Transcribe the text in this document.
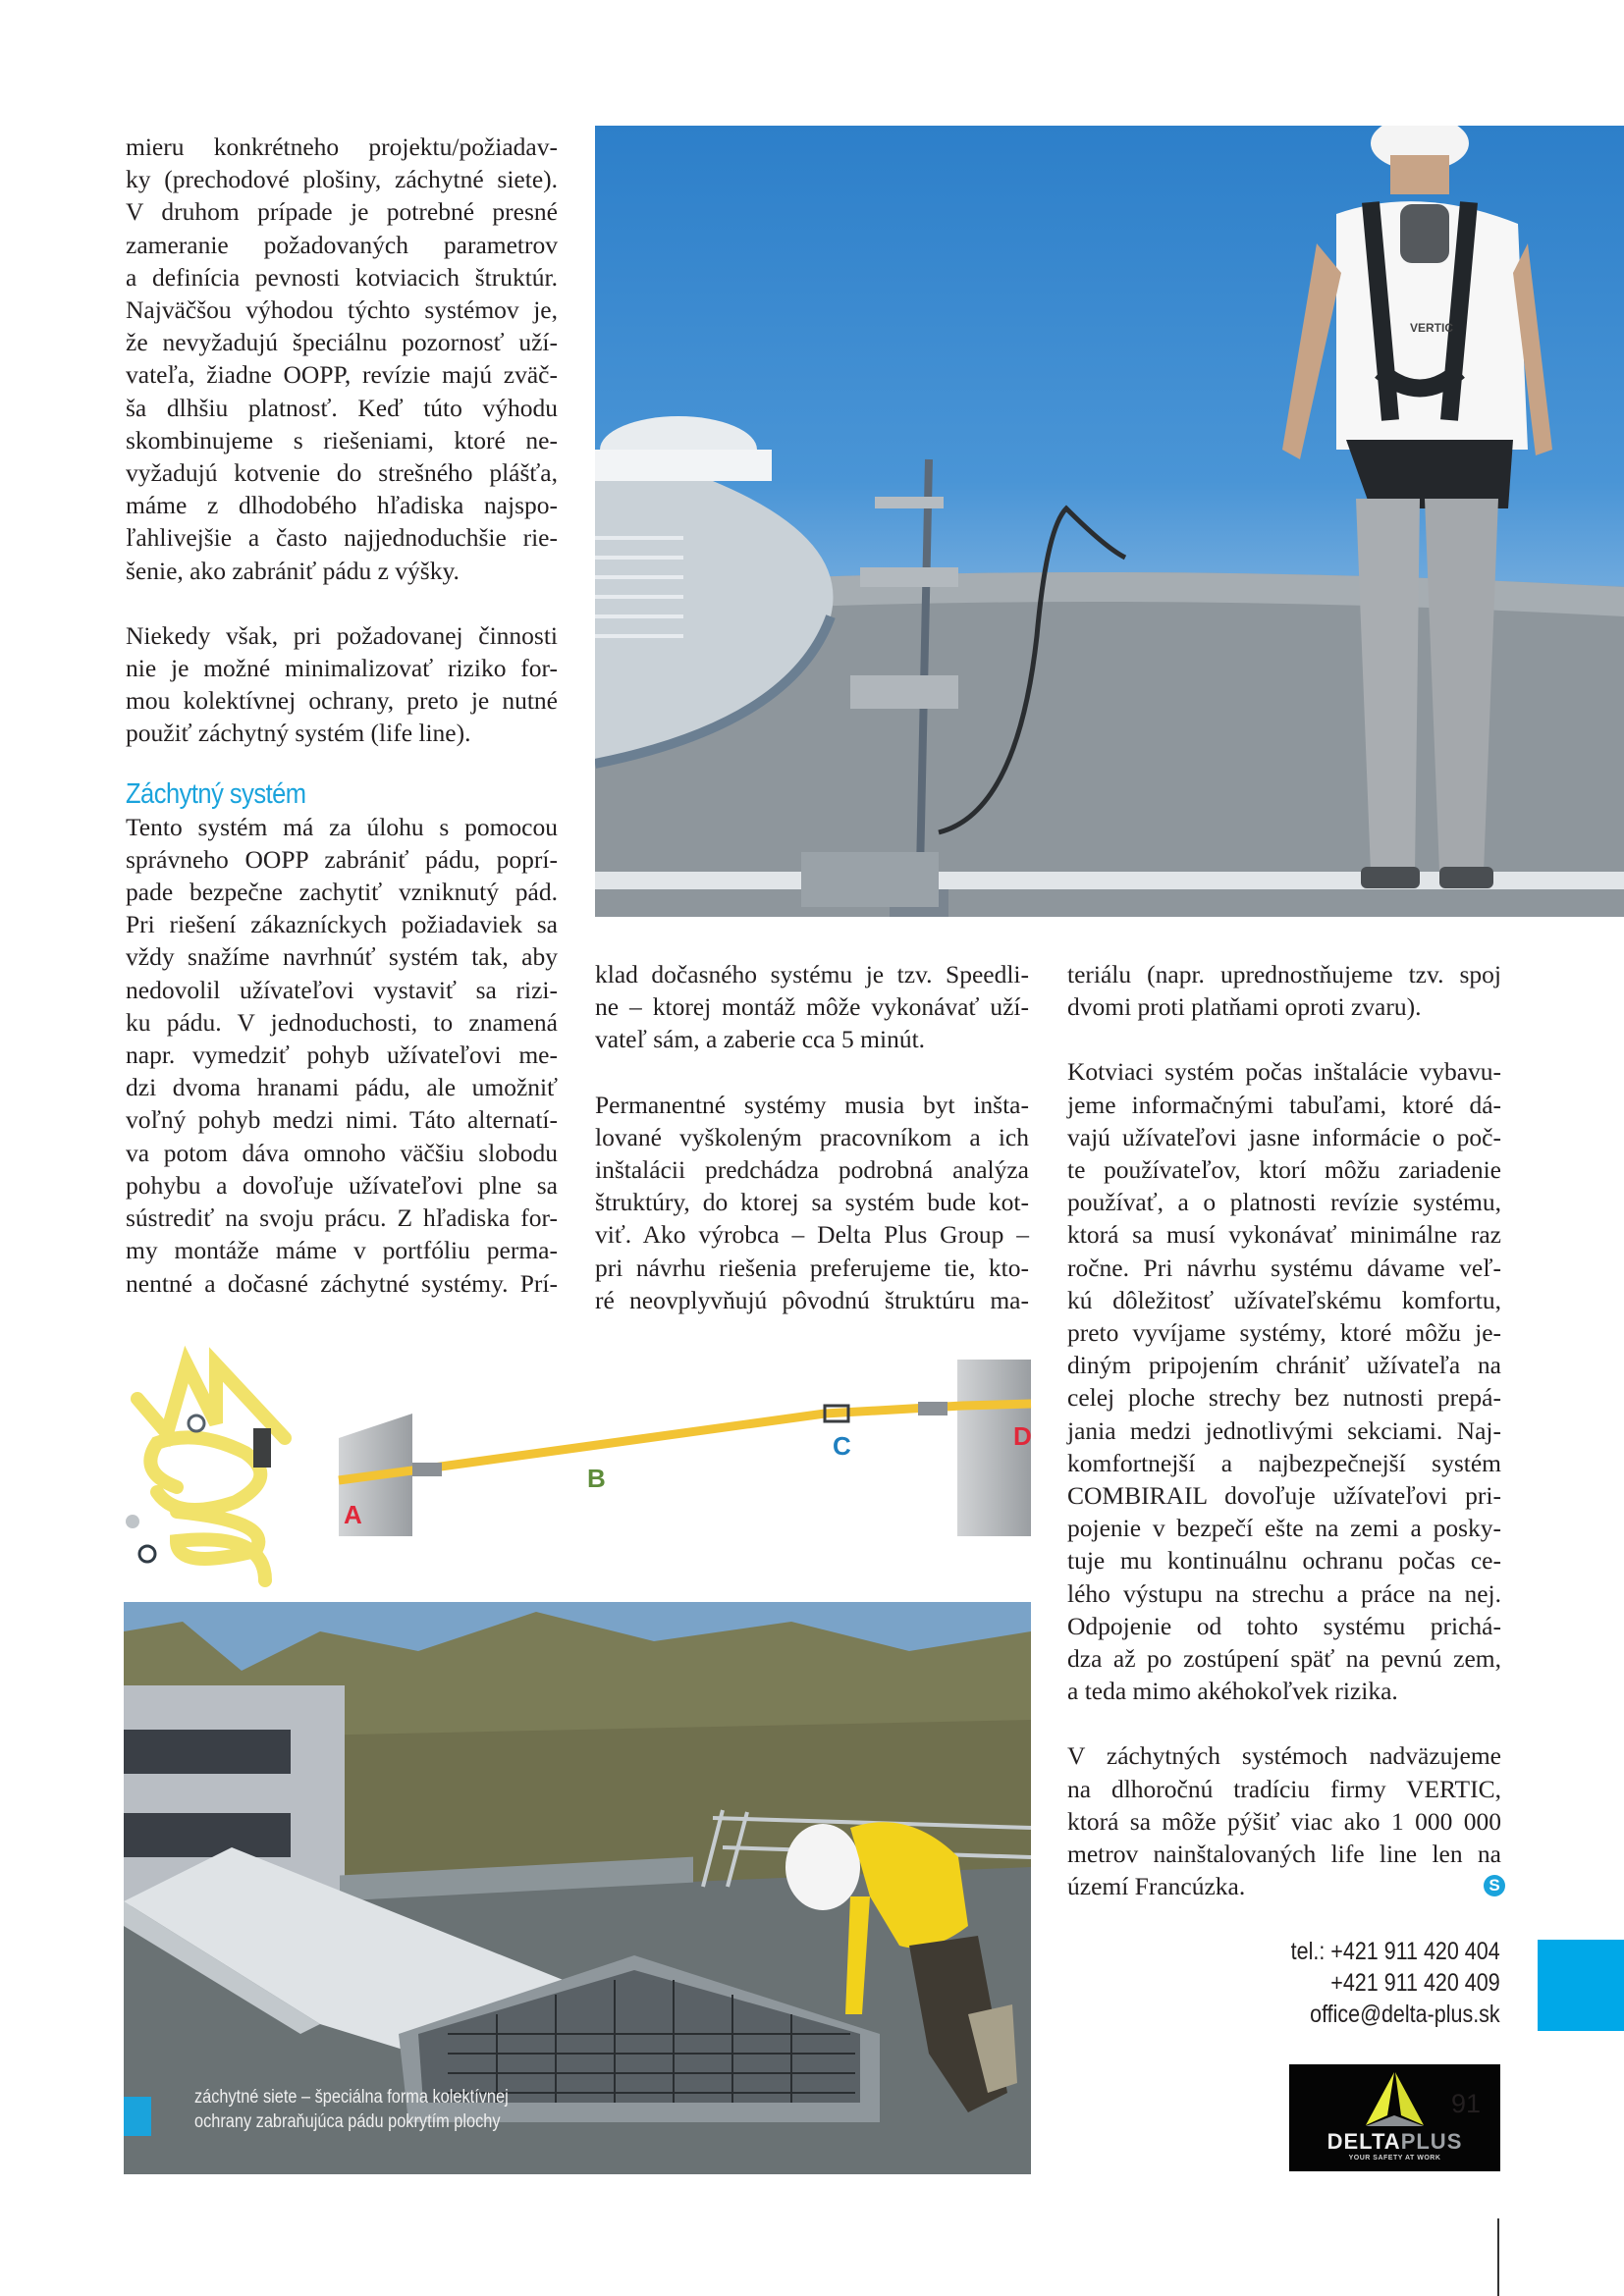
mieru konkrétneho projektu/požiadav-
ky (prechodové plošiny, záchytné siete).
V druhom prípade je potrebné presné
zameranie požadovaných parametrov
a definícia pevnosti kotviacich štruktúr.
Najväčšou výhodou týchto systémov je,
že nevyžadujú špeciálnu pozornosť uží-
vateľa, žiadne OOPP, revízie majú zväč-
ša dlhšiu platnosť. Keď túto výhodu
skombinujeme s riešeniami, ktoré ne-
vyžadujú kotvenie do strešného plášťa,
máme z dlhodobého hľadiska najspo-
ľahlivejšie a často najjednoduchšie rie-
šenie, ako zabrániť pádu z výšky.

Niekedy však, pri požadovanej činnosti
nie je možné minimalizovať riziko for-
mou kolektívnej ochrany, preto je nutné
použiť záchytný systém (life line).

Záchytný systém

Tento systém má za úlohu s pomocou
správneho OOPP zabrániť pádu, poprí-
pade bezpečne zachytiť vzniknutý pád.
Pri riešení zákazníckych požiadaviek sa
vždy snažíme navrhnúť systém tak, aby
nedovolil užívateľovi vystaviť sa rizi-
ku pádu. V jednoduchosti, to znamená
napr. vymedziť pohyb užívateľovi me-
dzi dvoma hranami pádu, ale umožniť
voľný pohyb medzi nimi. Táto alternatí-
va potom dáva omnoho väčšiu slobodu
pohybu a dovoľuje užívateľovi plne sa
sústrediť na svoju prácu. Z hľadiska for-
my montáže máme v portfóliu perma-
nentné a dočasné záchytné systémy. Prí-

klad dočasného systému je tzv. Speedli-
ne – ktorej montáž môže vykonávať uží-
vateľ sám, a zaberie cca 5 minút.

Permanentné systémy musia byt inšta-
lované vyškoleným pracovníkom a ich
inštalácii predchádza podrobná analýza
štruktúry, do ktorej sa systém bude kot-
viť. Ako výrobca – Delta Plus Group –
pri návrhu riešenia preferujeme tie, kto-
ré neovplyvňujú pôvodnú štruktúru ma-

teriálu (napr. uprednostňujeme tzv. spoj
dvomi proti platňami oproti zvaru).

Kotviaci systém počas inštalácie vybavu-
jeme informačnými tabuľami, ktoré dá-
vajú užívateľovi jasne informácie o poč-
te používateľov, ktorí môžu zariadenie
používať, a o platnosti revízie systému,
ktorá sa musí vykonávať minimálne raz
ročne. Pri návrhu systému dávame veľ-
kú dôležitosť užívateľskému komfortu,
preto vyvíjame systémy, ktoré môžu je-
diným pripojením chrániť užívateľa na
celej ploche strechy bez nutnosti prepá-
jania medzi jednotlivými sekciami. Naj-
komfortnejší a najbezpečnejší systém
COMBIRAIL dovoľuje užívateľovi pri-
pojenie v bezpečí ešte na zemi a posky-
tuje mu kontinuálnu ochranu počas ce-
lého výstupu na strechu a práce na nej.
Odpojenie od tohto systému prichá-
dza až po zostúpení späť na pevnú zem,
a teda mimo akéhokoľvek rizika.

V záchytných systémoch nadväzujeme
na dlhoročnú tradíciu firmy VERTIC,
ktorá sa môže pýšiť viac ako 1 000 000
metrov nainštalovaných life line len na
území Francúzka.	S

VERTIC
A
B
C	D
záchytné siete – špeciálna forma kolektívnej
ochrany zabraňujúca pádu pokrytím plochy
tel.: +421 911 420 404
+421 911 420 409
office@delta-plus.sk
DELTAPLUS
YOUR SAFETY AT WORK
91
